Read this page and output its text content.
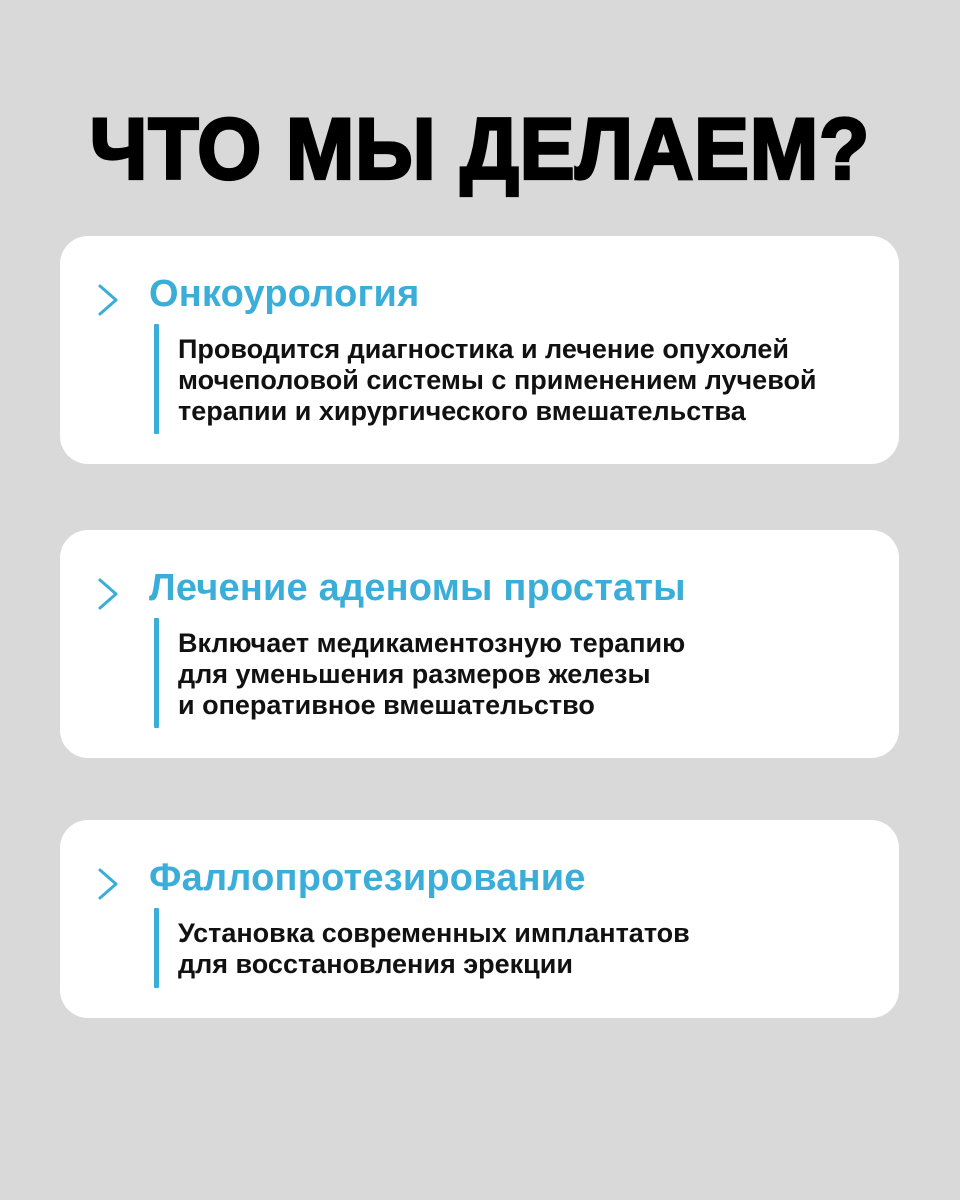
ЧТО МЫ ДЕЛАЕМ?
Онкоурология
Проводится диагностика и лечение опухолей
мочеполовой системы с применением лучевой
терапии и хирургического вмешательства
Лечение аденомы простаты
Включает медикаментозную терапию
для уменьшения размеров железы
и оперативное вмешательство
Фаллопротезирование
Установка современных имплантатов
для восстановления эрекции
